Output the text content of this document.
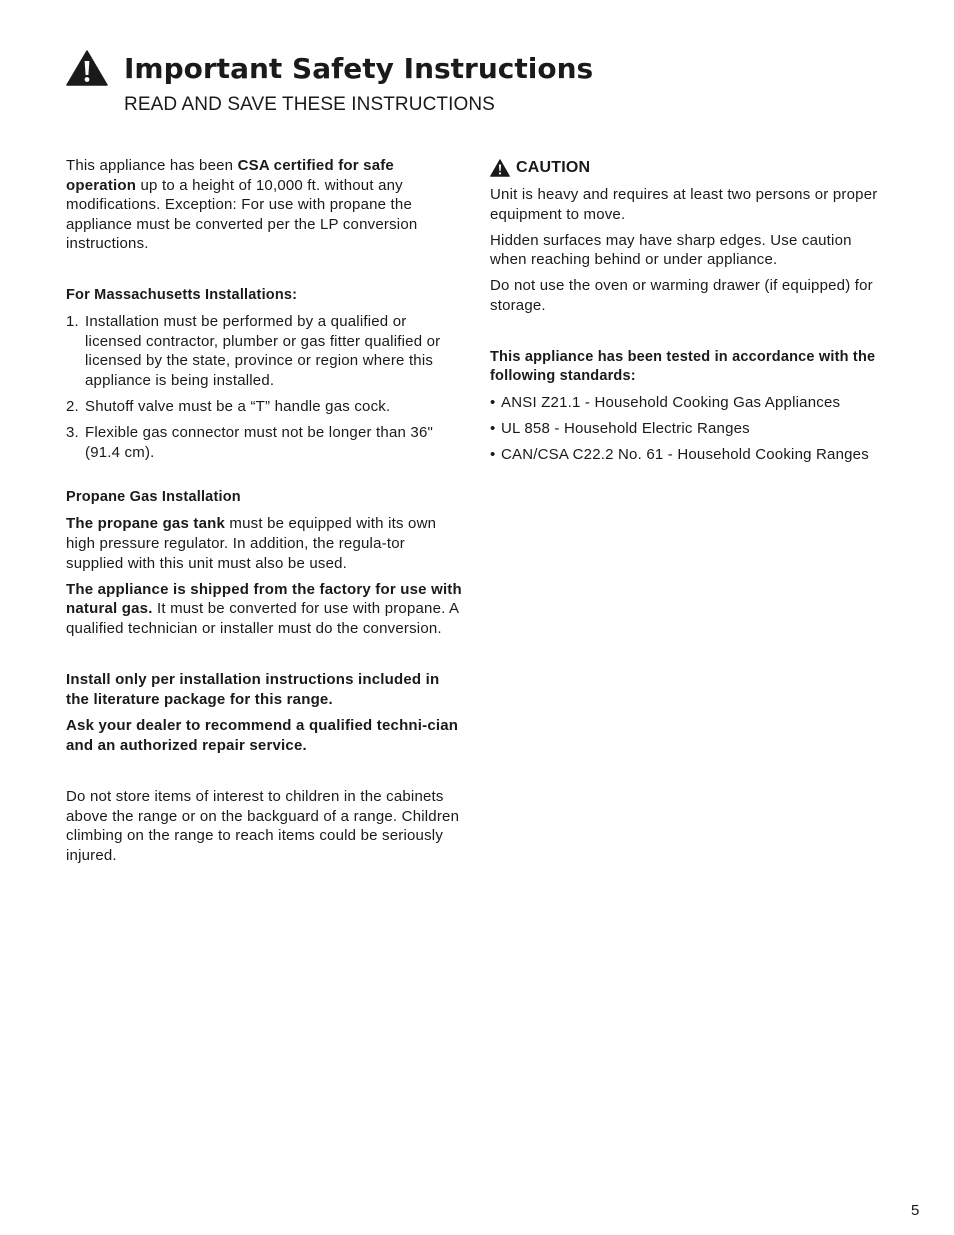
Important Safety Instructions
READ AND SAVE THESE INSTRUCTIONS

This appliance has been CSA certified for safe operation up to a height of 10,000 ft. without any modifications. Exception: For use with propane the appliance must be converted per the LP conversion instructions.

For Massachusetts Installations:
1. Installation must be performed by a qualified or licensed contractor, plumber or gas fitter qualified or licensed by the state, province or region where this appliance is being installed.
2. Shutoff valve must be a “T” handle gas cock.
3. Flexible gas connector must not be longer than 36" (91.4 cm).
Propane Gas Installation

The propane gas tank must be equipped with its own high pressure regulator. In addition, the regula-tor supplied with this unit must also be used.

The appliance is shipped from the factory for use with natural gas. It must be converted for use with propane. A qualified technician or installer must do the conversion.

Install only per installation instructions included in the literature package for this range.

Ask your dealer to recommend a qualified techni-cian and an authorized repair service.

Do not store items of interest to children in the cabinets above the range or on the backguard of a range. Children climbing on the range to reach items could be seriously injured.

CAUTION

Unit is heavy and requires at least two persons or proper equipment to move.

Hidden surfaces may have sharp edges. Use caution when reaching behind or under appliance.

Do not use the oven or warming drawer (if equipped) for storage.

This appliance has been tested in accordance with the following standards:
• ANSI Z21.1 - Household Cooking Gas Appliances
• UL 858 - Household Electric Ranges
• CAN/CSA C22.2 No. 61 - Household Cooking Ranges
5
